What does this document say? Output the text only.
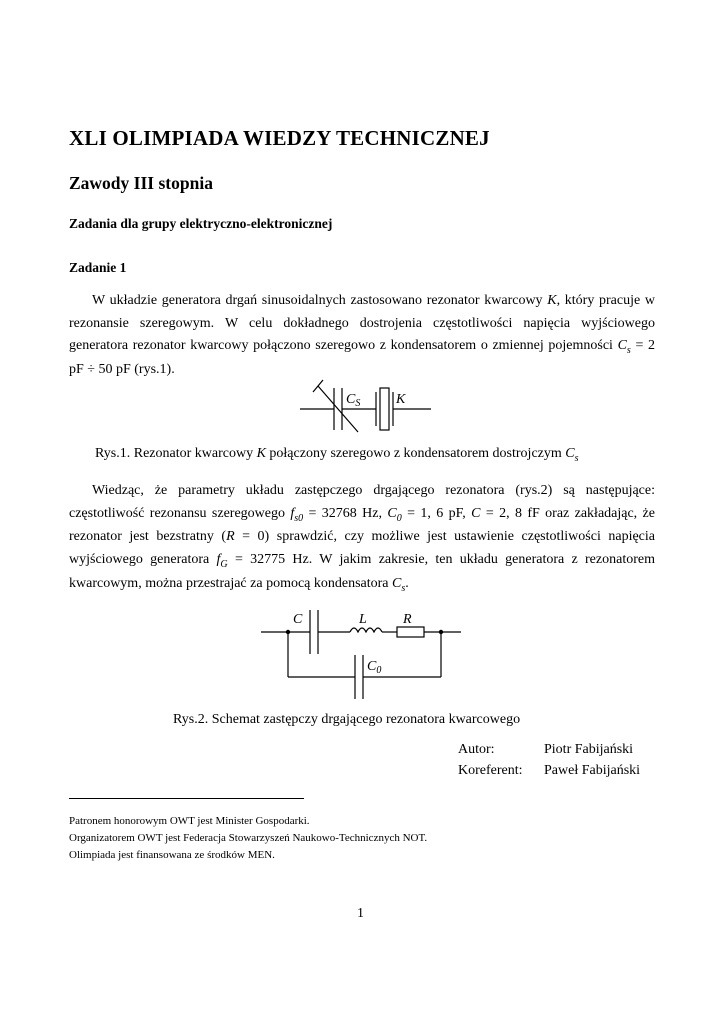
XLI OLIMPIADA WIEDZY TECHNICZNEJ
Zawody III stopnia
Zadania dla grupy elektryczno-elektronicznej
Zadanie 1

W układzie generatora drgań sinusoidalnych zastosowano rezonator kwarcowy K, który pracuje w rezonansie szeregowym. W celu dokładnego dostrojenia częstotliwości napięcia wyjściowego generatora rezonator kwarcowy połączono szeregowo z kondensatorem o zmiennej pojemności $C_s = 2$ pF ÷ 50 pF (rys.1).

$C_S$	K
Rys.1. Rezonator kwarcowy K połączony szeregowo z kondensatorem dostrojczym $C_s$

Wiedząc, że parametry układu zastępczego drgającego rezonatora (rys.2) są następujące: częstotliwość rezonansu szeregowego $f_{s0} = 32768$ Hz, $C_0 = 1$, 6 pF, C = 2, 8 fF oraz zakładając, że rezonator jest bezstratny (R = 0) sprawdzić, czy możliwe jest ustawienie częstotliwości napięcia wyjściowego generatora $f_G = 32775$ Hz. W jakim zakresie, ten układu generatora z rezonatorem kwarcowym, można przestrajać za pomocą kondensatora $C_s$.

C	L	R
$C_0$
Rys.2. Schemat zastępczy drgającego rezonatora kwarcowego
Autor:	Piotr Fabijański
Koreferent: Paweł Fabijański
Patronem honorowym OWT jest Minister Gospodarki.
Organizatorem OWT jest Federacja Stowarzyszeń Naukowo-Technicznych NOT.
Olimpiada jest finansowana ze środków MEN.
1
